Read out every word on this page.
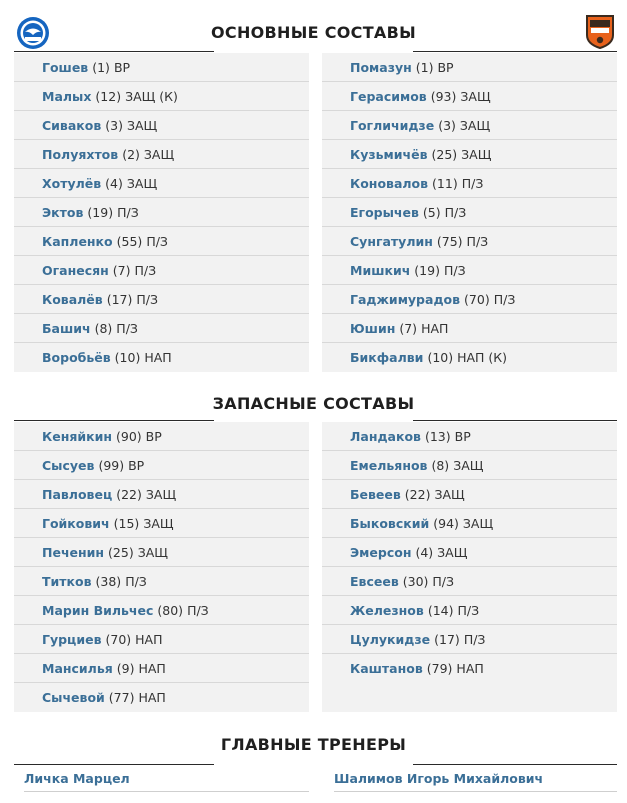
ОСНОВНЫЕ СОСТАВЫ
Гошев (1) ВР
Малых (12) ЗАЩ (К)
Сиваков (3) ЗАЩ
Полуяхтов (2) ЗАЩ
Хотулёв (4) ЗАЩ
Эктов (19) П/З
Капленко (55) П/З
Оганесян (7) П/З
Ковалёв (17) П/З
Башич (8) П/З
Воробьёв (10) НАП
Помазун (1) ВР
Герасимов (93) ЗАЩ
Гогличидзе (3) ЗАЩ
Кузьмичёв (25) ЗАЩ
Коновалов (11) П/З
Егорычев (5) П/З
Сунгатулин (75) П/З
Мишкич (19) П/З
Гаджимурадов (70) П/З
Юшин (7) НАП
Бикфалви (10) НАП (К)
ЗАПАСНЫЕ СОСТАВЫ
Кеняйкин (90) ВР
Сысуев (99) ВР
Павловец (22) ЗАЩ
Гойкович (15) ЗАЩ
Печенин (25) ЗАЩ
Титков (38) П/З
Марин Вильчес (80) П/З
Гурциев (70) НАП
Мансилья (9) НАП
Сычевой (77) НАП
Ландаков (13) ВР
Емельянов (8) ЗАЩ
Бевеев (22) ЗАЩ
Быковский (94) ЗАЩ
Эмерсон (4) ЗАЩ
Евсеев (30) П/З
Железнов (14) П/З
Цулукидзе (17) П/З
Каштанов (79) НАП
ГЛАВНЫЕ ТРЕНЕРЫ
Личка Марцел	Шалимов Игорь Михайлович
